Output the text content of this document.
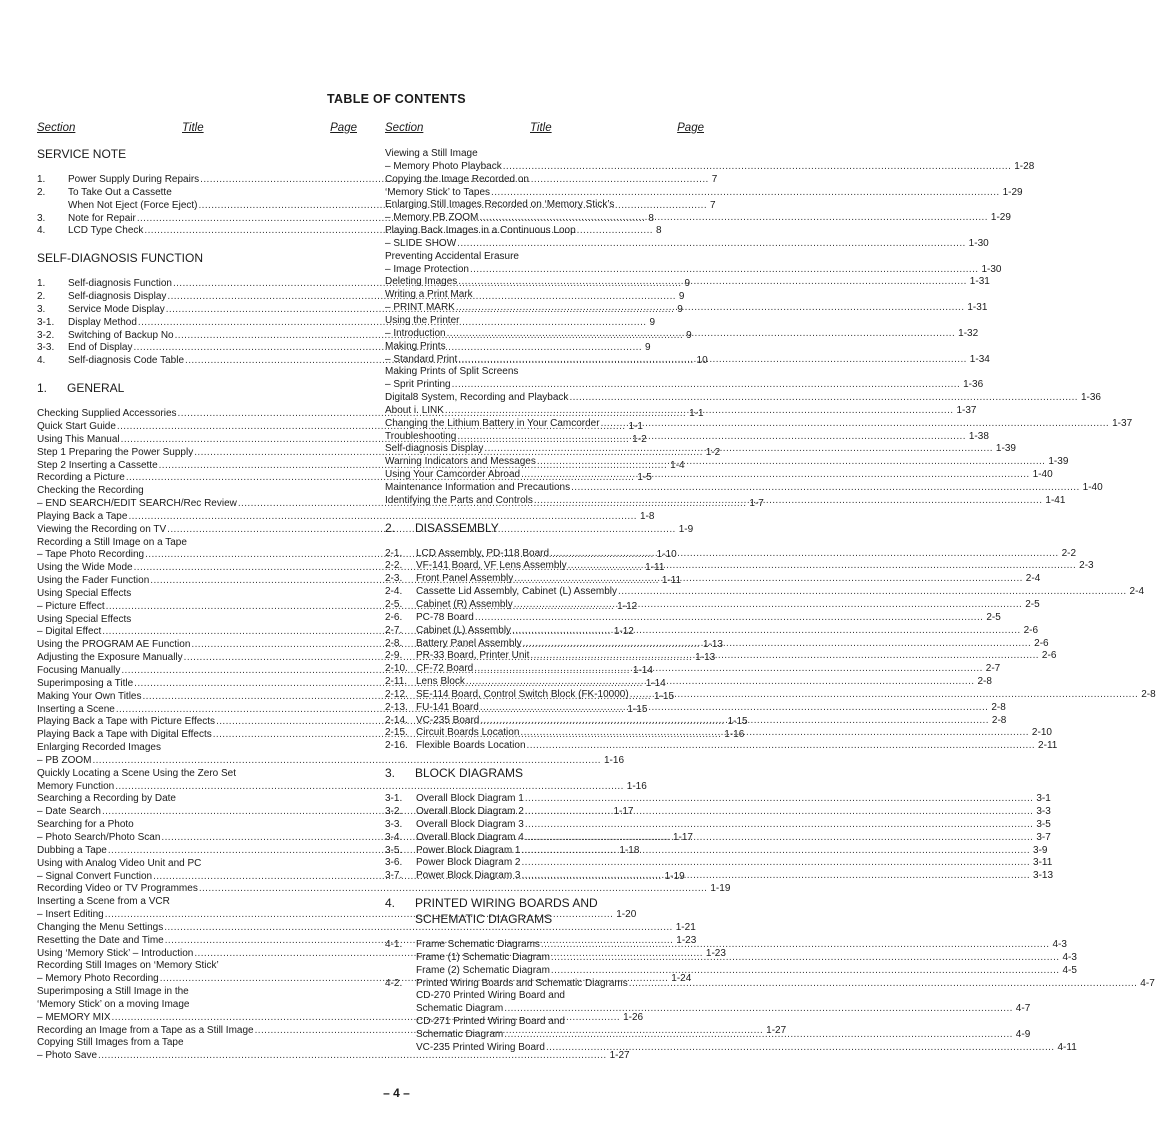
TABLE OF CONTENTS
Section	Title	Page
SERVICE NOTE
1.	Power Supply During Repairs .....	7
2.	To Take Out a Cassette
When Not Eject (Force Eject) .....	7
3.	Note for Repair .....	8
4.	LCD Type Check .....	8
SELF-DIAGNOSIS FUNCTION
1.	Self-diagnosis Function .....	9
2.	Self-diagnosis Display .....	9
3.	Service Mode Display .....	9
3-1.	Display Method .....	9
3-2.	Switching of Backup No .....	9
3-3.	End of Display .....	9
4.	Self-diagnosis Code Table .....	10
1.	GENERAL
Checking Supplied Accessories .....	1-1
Quick Start Guide .....	1-1
Using This Manual .....	1-2
Step 1 Preparing the Power Supply .....	1-2
Step 2 Inserting a Cassette .....	1-4
Recording a Picture .....	1-5
Checking the Recording
– END SEARCH/EDIT SEARCH/Rec Review .....	1-7
Playing Back a Tape .....	1-8
Viewing the Recording on TV .....	1-9
Recording a Still Image on a Tape
– Tape Photo Recording .....	1-10
Using the Wide Mode .....	1-11
Using the Fader Function .....	1-11
Using Special Effects
– Picture Effect .....	1-12
Using Special Effects
– Digital Effect .....	1-12
Using the PROGRAM AE Function .....	1-13
Adjusting the Exposure Manually .....	1-13
Focusing Manually .....	1-14
Superimposing a Title .....	1-14
Making Your Own Titles .....	1-15
Inserting a Scene .....	1-15
Playing Back a Tape with Picture Effects .....	1-15
Playing Back a Tape with Digital Effects .....	1-16
Enlarging Recorded Images
– PB ZOOM .....	1-16
Quickly Locating a Scene Using the Zero Set
Memory Function .....	1-16
Searching a Recording by Date
– Date Search .....	1-17
Searching for a Photo
– Photo Search/Photo Scan .....	1-17
Dubbing a Tape .....	1-18
Using with Analog Video Unit and PC
– Signal Convert Function .....	1-19
Recording Video or TV Programmes .....	1-19
Inserting a Scene from a VCR
– Insert Editing .....	1-20
Changing the Menu Settings .....	1-21
Resetting the Date and Time .....	1-23
Using ‘Memory Stick’ – Introduction .....	1-23
Recording Still Images on ‘Memory Stick’
– Memory Photo Recording .....	1-24
Superimposing a Still Image in the
‘Memory Stick’ on a moving Image
– MEMORY MIX .....	1-26
Recording an Image from a Tape as a Still Image .....	1-27
Copying Still Images from a Tape
– Photo Save .....	1-27
Section	Title	Page
Viewing a Still Image
– Memory Photo Playback .....	1-28
Copying the Image Recorded on
‘Memory Stick’ to Tapes .....	1-29
Enlarging Still Images Recorded on ‘Memory Stick’s
– Memory PB ZOOM .....	1-29
Playing Back Images in a Continuous Loop
– SLIDE SHOW .....	1-30
Preventing Accidental Erasure
– Image Protection .....	1-30
Deleting Images .....	1-31
Writing a Print Mark
– PRINT MARK .....	1-31
Using the Printer
– Introduction .....	1-32
Making Prints
– Standard Print .....	1-34
Making Prints of Split Screens
– Sprit Printing .....	1-36
Digital8 System, Recording and Playback .....	1-36
About i. LINK .....	1-37
Changing the Lithium Battery in Your Camcorder .....	1-37
Troubleshooting .....	1-38
Self-diagnosis Display .....	1-39
Warning Indicators and Messages .....	1-39
Using Your Camcorder Abroad .....	1-40
Maintenance Information and Precautions .....	1-40
Identifying the Parts and Controls .....	1-41
2.	DISASSEMBLY
2-1.	LCD Assembly, PD-118 Board .....	2-2
2-2.	VF-141 Board, VF Lens Assembly .....	2-3
2-3.	Front Panel Assembly .....	2-4
2-4.	Cassette Lid Assembly, Cabinet (L) Assembly .....	2-4
2-5.	Cabinet (R) Assembly .....	2-5
2-6.	PC-78 Board .....	2-5
2-7.	Cabinet (L) Assembly .....	2-6
2-8.	Battery Panel Assembly .....	2-6
2-9.	PR-33 Board, Printer Unit .....	2-6
2-10. CF-72 Board .....	2-7
2-11. Lens Block .....	2-8
2-12. SE-114 Board, Control Switch Block (FK-10000) .....	2-8
2-13. FU-141 Board .....	2-8
2-14. VC-235 Board .....	2-8
2-15. Circuit Boards Location .....	2-10
2-16. Flexible Boards Location .....	2-11
3.	BLOCK DIAGRAMS
3-1.	Overall Block Diagram 1 .....	3-1
3-2.	Overall Block Diagram 2 .....	3-3
3-3.	Overall Block Diagram 3 .....	3-5
3-4.	Overall Block Diagram 4 .....	3-7
3-5.	Power Block Diagram 1 .....	3-9
3-6.	Power Block Diagram 2 .....	3-11
3-7.	Power Block Diagram 3 .....	3-13
4.	PRINTED WIRING BOARDS AND
SCHEMATIC DIAGRAMS
4-1.	Frame Schematic Diagrams .....	4-3
Frame (1) Schematic Diagram .....	4-3
Frame (2) Schematic Diagram .....	4-5
4-2.	Printed Wiring Boards and Schematic Diagrams .....	4-7
CD-270 Printed Wiring Board and
Schematic Diagram .....	4-7
CD-271 Printed Wiring Board and
Schematic Diagram .....	4-9
VC-235 Printed Wiring Board .....	4-11
– 4 –
